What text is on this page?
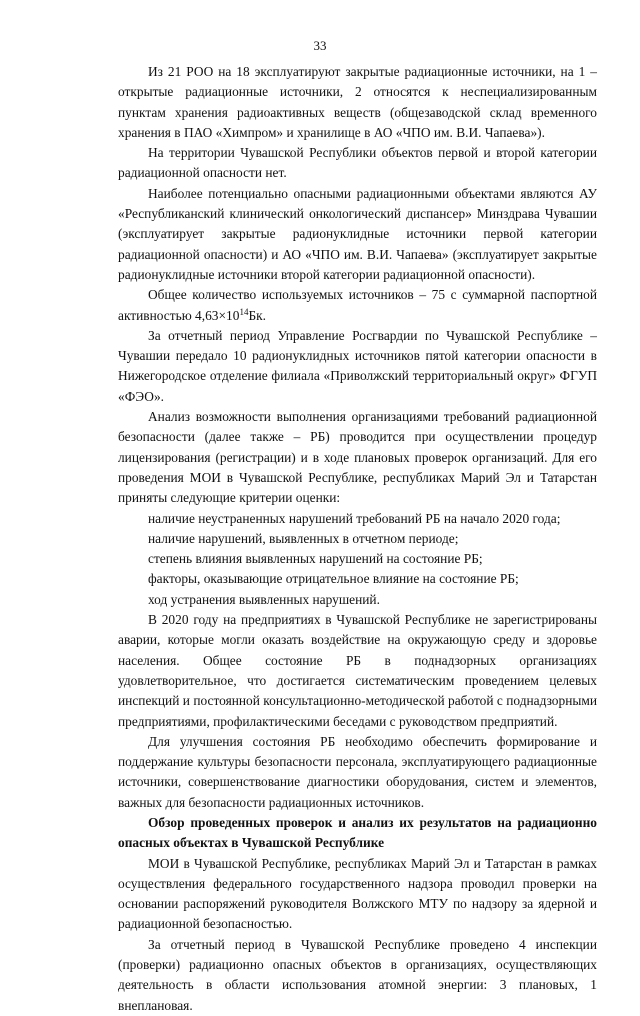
33

Из 21 РОО на 18 эксплуатируют закрытые радиационные источники, на 1 – открытые радиационные источники, 2 относятся к неспециализированным пунктам хранения радиоактивных веществ (общезаводской склад временного хранения в ПАО «Химпром» и хранилище в АО «ЧПО им. В.И. Чапаева»).

На территории Чувашской Республики объектов первой и второй категории радиационной опасности нет.

Наиболее потенциально опасными радиационными объектами являются АУ «Республиканский клинический онкологический диспансер» Минздрава Чувашии (эксплуатирует закрытые радионуклидные источники первой категории радиационной опасности) и АО «ЧПО им. В.И. Чапаева» (эксплуатирует закрытые радионуклидные источники второй категории радиационной опасности).

Общее количество используемых источников – 75 с суммарной паспортной активностью $4,63\times 10^{14}Бк$.

За отчетный период Управление Росгвардии по Чувашской Республике – Чувашии передало 10 радионуклидных источников пятой категории опасности в Нижегородское отделение филиала «Приволжский территориальный округ» ФГУП «ФЭО».

Анализ возможности выполнения организациями требований радиационной безопасности (далее также – РБ) проводится при осуществлении процедур лицензирования (регистрации) и в ходе плановых проверок организаций. Для его проведения МОИ в Чувашской Республике, республиках Марий Эл и Татарстан приняты следующие критерии оценки:

наличие неустраненных нарушений требований РБ на начало 2020 года;
наличие нарушений, выявленных в отчетном периоде;
степень влияния выявленных нарушений на состояние РБ;
факторы, оказывающие отрицательное влияние на состояние РБ;
ход устранения выявленных нарушений.

В 2020 году на предприятиях в Чувашской Республике не зарегистрированы аварии, которые могли оказать воздействие на окружающую среду и здоровье населения. Общее состояние РБ в поднадзорных организациях удовлетворительное, что достигается систематическим проведением целевых инспекций и постоянной консультационно-методической работой с поднадзорными предприятиями, профилактическими беседами с руководством предприятий.

Для улучшения состояния РБ необходимо обеспечить формирование и поддержание культуры безопасности персонала, эксплуатирующего радиационные источники, совершенствование диагностики оборудования, систем и элементов, важных для безопасности радиационных источников.

Обзор проведенных проверок и анализ их результатов на радиационно опасных объектах в Чувашской Республике

МОИ в Чувашской Республике, республиках Марий Эл и Татарстан в рамках осуществления федерального государственного надзора проводил проверки на основании распоряжений руководителя Волжского МТУ по надзору за ядерной и радиационной безопасностью.

За отчетный период в Чувашской Республике проведено 4 инспекции (проверки) радиационно опасных объектов в организациях, осуществляющих деятельность в области использования атомной энергии: 3 плановых, 1 внеплановая.
